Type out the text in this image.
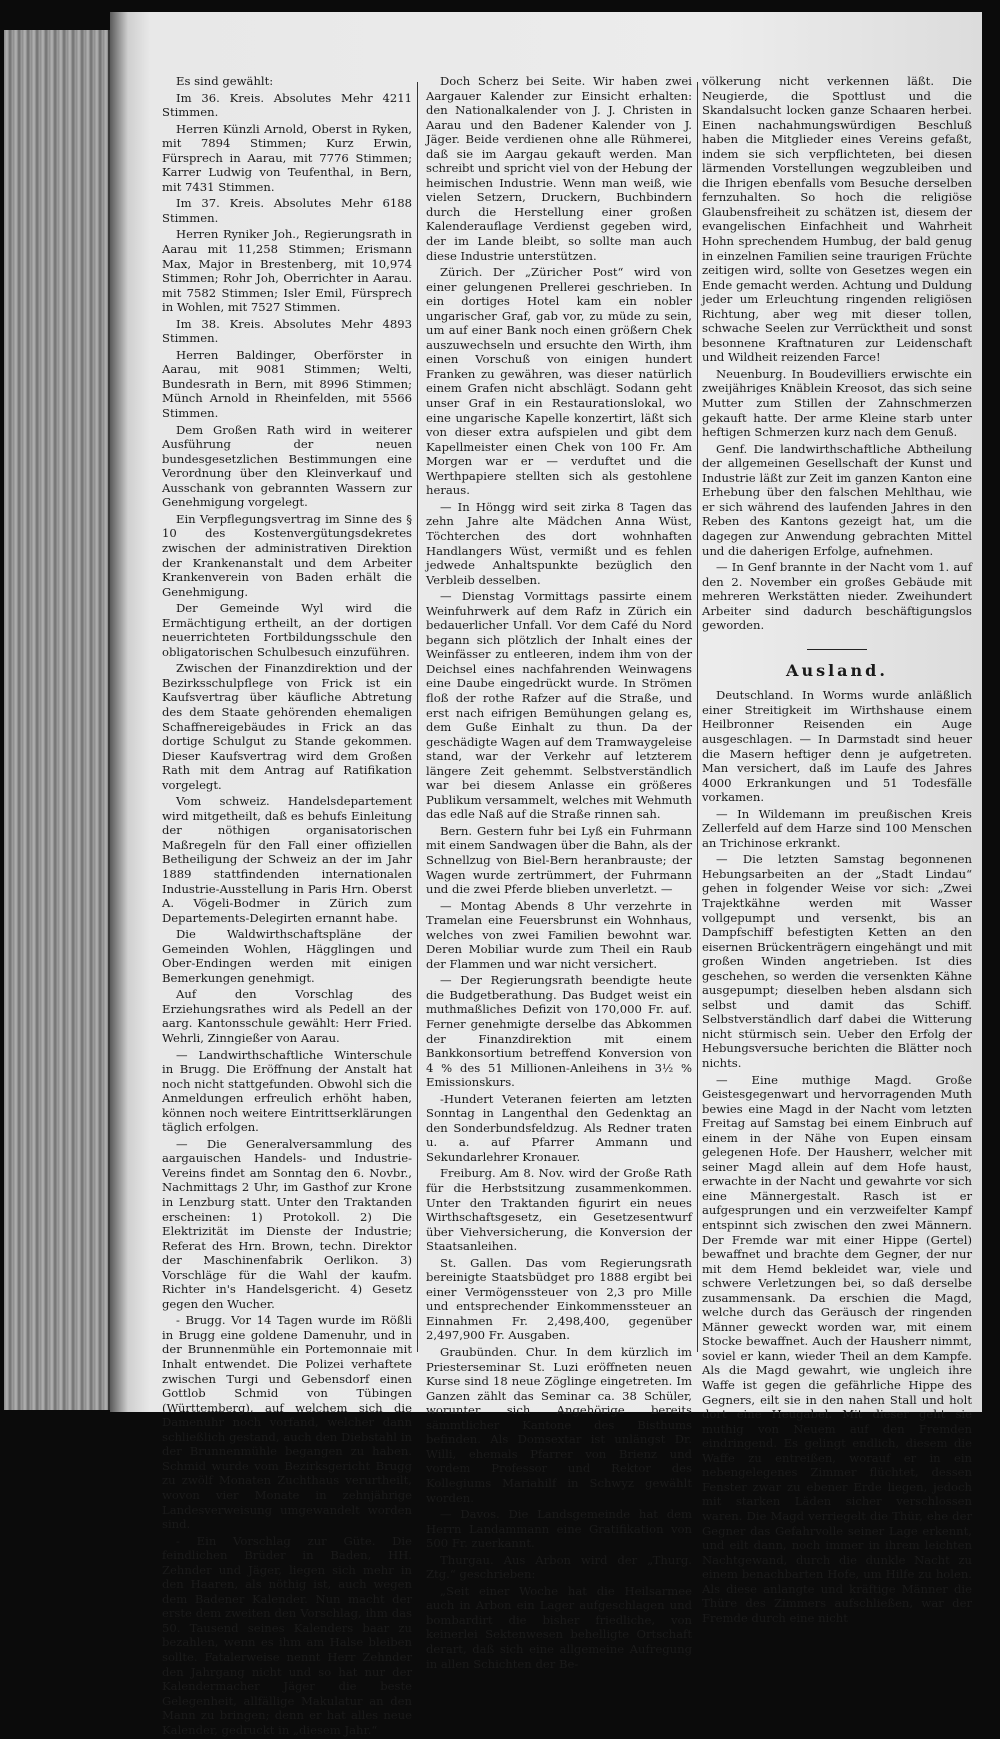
Es sind gewählt:

Im 36. Kreis. Absolutes Mehr 4211 Stimmen.

Herren Künzli Arnold, Oberst in Ryken, mit 7894 Stimmen; Kurz Erwin, Fürsprech in Aarau, mit 7776 Stimmen; Karrer Ludwig von Teufenthal, in Bern, mit 7431 Stimmen.

Im 37. Kreis. Absolutes Mehr 6188 Stimmen.

Herren Ryniker Joh., Regierungsrath in Aarau mit 11,258 Stimmen; Erismann Max, Major in Brestenberg, mit 10,974 Stimmen; Rohr Joh, Oberrichter in Aarau. mit 7582 Stimmen; Isler Emil, Fürsprech in Wohlen, mit 7527 Stimmen.

Im 38. Kreis. Absolutes Mehr 4893 Stimmen.

Herren Baldinger, Oberförster in Aarau, mit 9081 Stimmen; Welti, Bundesrath in Bern, mit 8996 Stimmen; Münch Arnold in Rheinfelden, mit 5566 Stimmen.

Dem Großen Rath wird in weiterer Ausführung der neuen bundesgesetzlichen Bestimmungen eine Verordnung über den Kleinverkauf und Ausschank von gebrannten Wassern zur Genehmigung vorgelegt.

Ein Verpflegungsvertrag im Sinne des § 10 des Kostenvergütungsdekretes zwischen der administrativen Direktion der Krankenanstalt und dem Arbeiter Krankenverein von Baden erhält die Genehmigung.

Der Gemeinde Wyl wird die Ermächtigung ertheilt, an der dortigen neuerrichteten Fortbildungsschule den obligatorischen Schulbesuch einzuführen.

Zwischen der Finanzdirektion und der Bezirksschulpflege von Frick ist ein Kaufsvertrag über käufliche Abtretung des dem Staate gehörenden ehemaligen Schaffnereigebäudes in Frick an das dortige Schulgut zu Stande gekommen. Dieser Kaufsvertrag wird dem Großen Rath mit dem Antrag auf Ratifikation vorgelegt.

Vom schweiz. Handelsdepartement wird mitgetheilt, daß es behufs Einleitung der nöthigen organisatorischen Maßregeln für den Fall einer offiziellen Betheiligung der Schweiz an der im Jahr 1889 stattfindenden internationalen Industrie-Ausstellung in Paris Hrn. Oberst A. Vögeli-Bodmer in Zürich zum Departements-Delegirten ernannt habe.

Die Waldwirthschaftspläne der Gemeinden Wohlen, Hägglingen und Ober-Endingen werden mit einigen Bemerkungen genehmigt.

Auf den Vorschlag des Erziehungsrathes wird als Pedell an der aarg. Kantonsschule gewählt: Herr Fried. Wehrli, Zinngießer von Aarau.

— Landwirthschaftliche Winterschule in Brugg. Die Eröffnung der Anstalt hat noch nicht stattgefunden. Obwohl sich die Anmeldungen erfreulich erhöht haben, können noch weitere Eintrittserklärungen täglich erfolgen.

— Die Generalversammlung des aargauischen Handels- und Industrie-Vereins findet am Sonntag den 6. Novbr., Nachmittags 2 Uhr, im Gasthof zur Krone in Lenzburg statt. Unter den Traktanden erscheinen: 1) Protokoll. 2) Die Elektrizität im Dienste der Industrie; Referat des Hrn. Brown, techn. Direktor der Maschinenfabrik Oerlikon. 3) Vorschläge für die Wahl der kaufm. Richter in's Handelsgericht. 4) Gesetz gegen den Wucher.

- Brugg. Vor 14 Tagen wurde im Rößli in Brugg eine goldene Damenuhr, und in der Brunnenmühle ein Portemonnaie mit Inhalt entwendet. Die Polizei verhaftete zwischen Turgi und Gebensdorf einen Gottlob Schmid von Tübingen (Württemberg), auf welchem sich die Damenuhr noch vorfand, welcher dann schließlich gestand, auch den Diebstahl in der Brunnenmühle begangen zu haben. Schmid wurde vom Bezirksgericht Brugg zu zwölf Monaten Zuchthaus verurtheilt, wovon vier Monate in zehnjährige Landesverweisung umgewandelt worden sind.

- Ein Vorschlag zur Güte. Die feindlichen Brüder in Baden, HH. Zehnder und Jäger, liegen sich mehr in den Haaren, als nöthig ist, auch wegen dem Badener Kalender. Nun macht der erste dem zweiten den Vorschlag, ihm das 50. Tausend seines Kalenders baar zu bezahlen, wenn es ihm am Halse bleiben sollte. Fatalerweise nennt Herr Zehnder den Jahrgang nicht und so hat nur der Kalendermacher Jäger die beste Gelegenheit, allfällige Makulatur an den Mann zu bringen; denn er hat alles neue Kalender, gedruckt in „diesem Jahr.“

Doch Scherz bei Seite. Wir haben zwei Aargauer Kalender zur Einsicht erhalten: den Nationalkalender von J. J. Christen in Aarau und den Badener Kalender von J. Jäger. Beide verdienen ohne alle Rühmerei, daß sie im Aargau gekauft werden. Man schreibt und spricht viel von der Hebung der heimischen Industrie. Wenn man weiß, wie vielen Setzern, Druckern, Buchbindern durch die Herstellung einer großen Kalenderauflage Verdienst gegeben wird, der im Lande bleibt, so sollte man auch diese Industrie unterstützen.

Zürich. Der „Züricher Post“ wird von einer gelungenen Prellerei geschrieben. In ein dortiges Hotel kam ein nobler ungarischer Graf, gab vor, zu müde zu sein, um auf einer Bank noch einen größern Chek auszuwechseln und ersuchte den Wirth, ihm einen Vorschuß von einigen hundert Franken zu gewähren, was dieser natürlich einem Grafen nicht abschlägt. Sodann geht unser Graf in ein Restaurationslokal, wo eine ungarische Kapelle konzertirt, läßt sich von dieser extra aufspielen und gibt dem Kapellmeister einen Chek von 100 Fr. Am Morgen war er — verduftet und die Werthpapiere stellten sich als gestohlene heraus.

— In Höngg wird seit zirka 8 Tagen das zehn Jahre alte Mädchen Anna Wüst, Töchterchen des dort wohnhaften Handlangers Wüst, vermißt und es fehlen jedwede Anhaltspunkte bezüglich den Verbleib desselben.

— Dienstag Vormittags passirte einem Weinfuhrwerk auf dem Rafz in Zürich ein bedauerlicher Unfall. Vor dem Café du Nord begann sich plötzlich der Inhalt eines der Weinfässer zu entleeren, indem ihm von der Deichsel eines nachfahrenden Weinwagens eine Daube eingedrückt wurde. In Strömen floß der rothe Rafzer auf die Straße, und erst nach eifrigen Bemühungen gelang es, dem Guße Einhalt zu thun. Da der geschädigte Wagen auf dem Tramwaygeleise stand, war der Verkehr auf letzterem längere Zeit gehemmt. Selbstverständlich war bei diesem Anlasse ein größeres Publikum versammelt, welches mit Wehmuth das edle Naß auf die Straße rinnen sah.

Bern. Gestern fuhr bei Lyß ein Fuhrmann mit einem Sandwagen über die Bahn, als der Schnellzug von Biel-Bern heranbrauste; der Wagen wurde zertrümmert, der Fuhrmann und die zwei Pferde blieben unverletzt. —

— Montag Abends 8 Uhr verzehrte in Tramelan eine Feuersbrunst ein Wohnhaus, welches von zwei Familien bewohnt war. Deren Mobiliar wurde zum Theil ein Raub der Flammen und war nicht versichert.

— Der Regierungsrath beendigte heute die Budgetberathung. Das Budget weist ein muthmaßliches Defizit von 170,000 Fr. auf. Ferner genehmigte derselbe das Abkommen der Finanzdirektion mit einem Bankkonsortium betreffend Konversion von 4 % des 51 Millionen-Anleihens in 3½ % Emissionskurs.

-Hundert Veteranen feierten am letzten Sonntag in Langenthal den Gedenktag an den Sonderbundsfeldzug. Als Redner traten u. a. auf Pfarrer Ammann und Sekundarlehrer Kronauer.

Freiburg. Am 8. Nov. wird der Große Rath für die Herbstsitzung zusammenkommen. Unter den Traktanden figurirt ein neues Wirthschaftsgesetz, ein Gesetzesentwurf über Viehversicherung, die Konversion der Staatsanleihen.

St. Gallen. Das vom Regierungsrath bereinigte Staatsbüdget pro 1888 ergibt bei einer Vermögenssteuer von 2,3 pro Mille und entsprechender Einkommenssteuer an Einnahmen Fr. 2,498,400, gegenüber 2,497,900 Fr. Ausgaben.

Graubünden. Chur. In dem kürzlich im Priesterseminar St. Luzi eröffneten neuen Kurse sind 18 neue Zöglinge eingetreten. Im Ganzen zählt das Seminar ca. 38 Schüler, worunter sich Angehörige bereits sämmtlicher Kantone des Bisthums befinden. Als Domsextar ist unlängst Dr. Willi, ehemals Pfarrer von Brienz und vordem Professor und Rektor des Kollegiums Mariahilf in Schwyz gewählt worden.

— Davos. Die Landsgemeinde hat dem Herrn Landammann eine Gratifikation von 500 Fr. zuerkannt.

Thurgau. Aus Arbon wird der „Thurg. Ztg.“ geschrieben:

„Seit einer Woche hat die Heilsarmee auch in Arbon ein Lager aufgeschlagen und bombardirt die bisher friedliche, von keinerlei Sektenwesen behelligte Ortschaft derart, daß sich eine allgemeine Aufregung in allen Schichten der Be-

völkerung nicht verkennen läßt. Die Neugierde, die Spottlust und die Skandalsucht locken ganze Schaaren herbei. Einen nachahmungswürdigen Beschluß haben die Mitglieder eines Vereins gefaßt, indem sie sich verpflichteten, bei diesen lärmenden Vorstellungen wegzubleiben und die Ihrigen ebenfalls vom Besuche derselben fernzuhalten. So hoch die religiöse Glaubensfreiheit zu schätzen ist, diesem der evangelischen Einfachheit und Wahrheit Hohn sprechendem Humbug, der bald genug in einzelnen Familien seine traurigen Früchte zeitigen wird, sollte von Gesetzes wegen ein Ende gemacht werden. Achtung und Duldung jeder um Erleuchtung ringenden religiösen Richtung, aber weg mit dieser tollen, schwache Seelen zur Verrücktheit und sonst besonnene Kraftnaturen zur Leidenschaft und Wildheit reizenden Farce!

Neuenburg. In Boudevilliers erwischte ein zweijähriges Knäblein Kreosot, das sich seine Mutter zum Stillen der Zahnschmerzen gekauft hatte. Der arme Kleine starb unter heftigen Schmerzen kurz nach dem Genuß.

Genf. Die landwirthschaftliche Abtheilung der allgemeinen Gesellschaft der Kunst und Industrie läßt zur Zeit im ganzen Kanton eine Erhebung über den falschen Mehlthau, wie er sich während des laufenden Jahres in den Reben des Kantons gezeigt hat, um die dagegen zur Anwendung gebrachten Mittel und die daherigen Erfolge, aufnehmen.

— In Genf brannte in der Nacht vom 1. auf den 2. November ein großes Gebäude mit mehreren Werkstätten nieder. Zweihundert Arbeiter sind dadurch beschäftigungslos geworden.

Ausland.

Deutschland. In Worms wurde anläßlich einer Streitigkeit im Wirthshause einem Heilbronner Reisenden ein Auge ausgeschlagen. — In Darmstadt sind heuer die Masern heftiger denn je aufgetreten. Man versichert, daß im Laufe des Jahres 4000 Erkrankungen und 51 Todesfälle vorkamen.

— In Wildemann im preußischen Kreis Zellerfeld auf dem Harze sind 100 Menschen an Trichinose erkrankt.

— Die letzten Samstag begonnenen Hebungsarbeiten an der „Stadt Lindau“ gehen in folgender Weise vor sich: „Zwei Trajektkähne werden mit Wasser vollgepumpt und versenkt, bis an Dampfschiff befestigten Ketten an den eisernen Brückenträgern eingehängt und mit großen Winden angetrieben. Ist dies geschehen, so werden die versenkten Kähne ausgepumpt; dieselben heben alsdann sich selbst und damit das Schiff. Selbstverständlich darf dabei die Witterung nicht stürmisch sein. Ueber den Erfolg der Hebungsversuche berichten die Blätter noch nichts.

— Eine muthige Magd. Große Geistesgegenwart und hervorragenden Muth bewies eine Magd in der Nacht vom letzten Freitag auf Samstag bei einem Einbruch auf einem in der Nähe von Eupen einsam gelegenen Hofe. Der Hausherr, welcher mit seiner Magd allein auf dem Hofe haust, erwachte in der Nacht und gewahrte vor sich eine Männergestalt. Rasch ist er aufgesprungen und ein verzweifelter Kampf entspinnt sich zwischen den zwei Männern. Der Fremde war mit einer Hippe (Gertel) bewaffnet und brachte dem Gegner, der nur mit dem Hemd bekleidet war, viele und schwere Verletzungen bei, so daß derselbe zusammensank. Da erschien die Magd, welche durch das Geräusch der ringenden Männer geweckt worden war, mit einem Stocke bewaffnet. Auch der Hausherr nimmt, soviel er kann, wieder Theil an dem Kampfe. Als die Magd gewahrt, wie ungleich ihre Waffe ist gegen die gefährliche Hippe des Gegners, eilt sie in den nahen Stall und holt dort eine Heugabel. Mit dieser geht sie muthig von Neuem auf den Fremden eindringend. Es gelingt endlich, diesem die Waffe zu entreißen, worauf er in ein nebengelegenes Zimmer flüchtet, dessen Fenster zwar zu ebener Erde liegen, jedoch mit starken Läden sicher verschlossen waren. Die Magd verriegelt die Thür, ehe der Gegner das Gefahrvolle seiner Lage erkennt, und eilt dann, noch immer in ihrem leichten Nachtgewand, durch die dunkle Nacht zu einem benachbarten Hofe, um Hilfe zu holen. Als diese anlangte und kräftige Männer die Thüre des Zimmers aufschließen, war der Fremde durch eine nicht
